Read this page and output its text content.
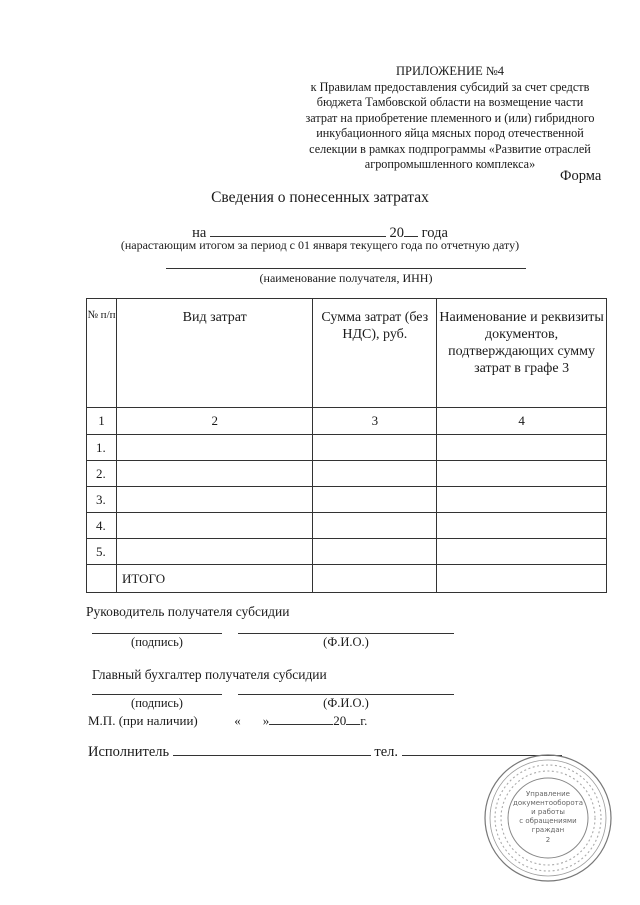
ПРИЛОЖЕНИЕ №4
к Правилам предоставления субсидий за счет средств
бюджета Тамбовской области на возмещение части
затрат на приобретение племенного и (или) гибридного
инкубационного яйца мясных пород отечественной
селекции в рамках подпрограммы «Развитие отраслей
агропромышленного комплекса»
Форма
Сведения о понесенных затратах
на	20 года
(нарастающим итогом за период с 01 января текущего года по отчетную дату)
(наименование получателя, ИНН)
№ п/п	Вид затрат	Сумма затрат (без НДС), руб.	Наименование и реквизиты документов, подтверждающих сумму затрат в графе 3
1	2	3	4
1.			
2.			
3.			
4.			
5.			
	ИТОГО		
Руководитель получателя субсидии
(подпись)	(Ф.И.О.)
Главный бухгалтер получателя субсидии
(подпись)	(Ф.И.О.)
М.П. (при наличии)	« »	20 г.
Исполнитель	тел.
Управление
документооборота
и работы
с обращениями
граждан
2
